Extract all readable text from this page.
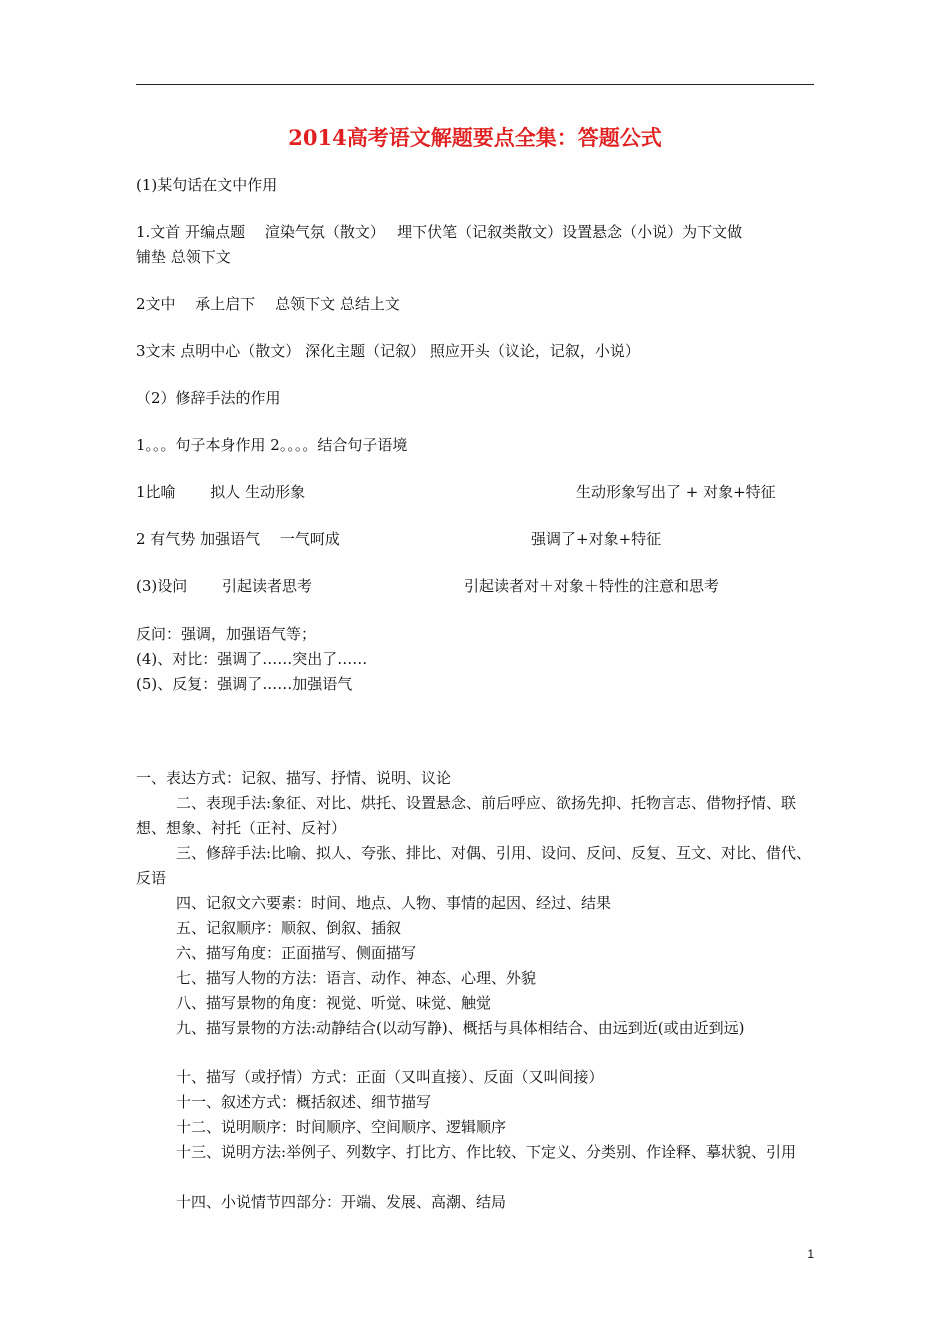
2014高考语文解题要点全集：答题公式
(1)某句话在文中作用
1.文首 开编点题　 渲染气氛（散文）　 埋下伏笔（记叙类散文）设置悬念（小说）为下文做
铺垫 总领下文
2文中　 承上启下　 总领下文 总结上文
3文末 点明中心（散文） 深化主题（记叙） 照应开头（议论，记叙，小说）
（2）修辞手法的作用
1。。。句子本身作用 2。。。。结合句子语境
1比喻　　 拟人 生动形象	生动形象写出了 + 对象+特征
2 有气势 加强语气　 一气呵成	强调了+对象+特征
(3)设问　　 引起读者思考	引起读者对＋对象＋特性的注意和思考
反问：强调，加强语气等；
(4)、对比：强调了……突出了……
(5)、反复：强调了……加强语气
一、表达方式：记叙、描写、抒情、说明、议论
二、表现手法:象征、对比、烘托、设置悬念、前后呼应、欲扬先抑、托物言志、借物抒情、联想、想象、衬托（正衬、反衬）
三、修辞手法:比喻、拟人、夸张、排比、对偶、引用、设问、反问、反复、互文、对比、借代、反语
四、记叙文六要素：时间、地点、人物、事情的起因、经过、结果
五、记叙顺序：顺叙、倒叙、插叙
六、描写角度：正面描写、侧面描写
七、描写人物的方法：语言、动作、神态、心理、外貌
八、描写景物的角度：视觉、听觉、味觉、触觉
九、描写景物的方法:动静结合(以动写静)、概括与具体相结合、由远到近(或由近到远)
十、描写（或抒情）方式：正面（又叫直接）、反面（又叫间接）
十一、叙述方式：概括叙述、细节描写
十二、说明顺序：时间顺序、空间顺序、逻辑顺序
十三、说明方法:举例子、列数字、打比方、作比较、下定义、分类别、作诠释、摹状貌、引用
十四、小说情节四部分：开端、发展、高潮、结局
1
